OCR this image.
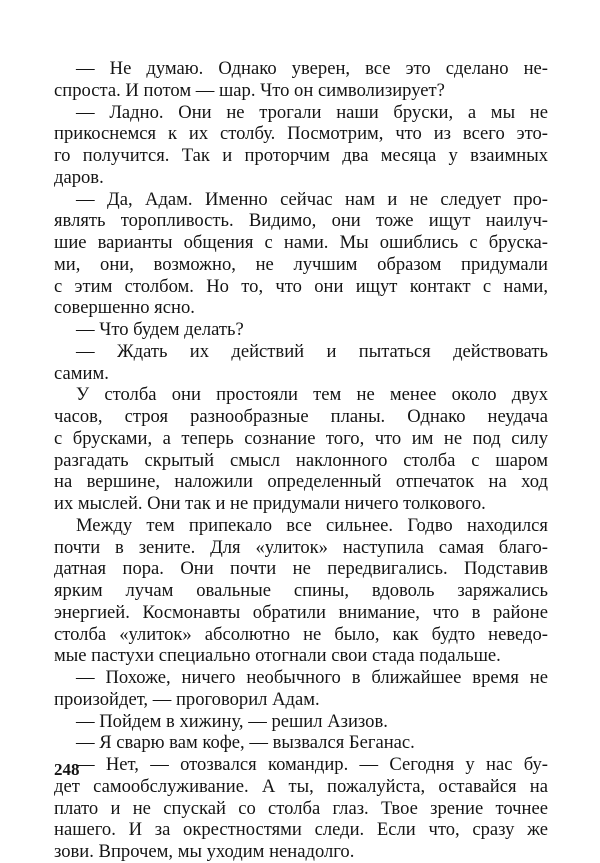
— Не думаю. Однако уверен, все это сделано не-
спроста. И потом — шар. Что он символизирует?
— Ладно. Они не трогали наши бруски, а мы не
прикоснемся к их столбу. Посмотрим, что из всего это-
го получится. Так и проторчим два месяца у взаимных
даров.
— Да, Адам. Именно сейчас нам и не следует про-
являть торопливость. Видимо, они тоже ищут наилуч-
шие варианты общения с нами. Мы ошиблись с бруска-
ми, они, возможно, не лучшим образом придумали
с этим столбом. Но то, что они ищут контакт с нами,
совершенно ясно.
— Что будем делать?
— Ждать их действий и пытаться действовать
самим.
У столба они простояли тем не менее около двух
часов, строя разнообразные планы. Однако неудача
с брусками, а теперь сознание того, что им не под силу
разгадать скрытый смысл наклонного столба с шаром
на вершине, наложили определенный отпечаток на ход
их мыслей. Они так и не придумали ничего толкового.
Между тем припекало все сильнее. Годво находился
почти в зените. Для «улиток» наступила самая благо-
датная пора. Они почти не передвигались. Подставив
ярким лучам овальные спины, вдоволь заряжались
энергией. Космонавты обратили внимание, что в районе
столба «улиток» абсолютно не было, как будто неведо-
мые пастухи специально отогнали свои стада подальше.
— Похоже, ничего необычного в ближайшее время не
произойдет, — проговорил Адам.
— Пойдем в хижину, — решил Азизов.
— Я сварю вам кофе, — вызвался Беганас.
— Нет, — отозвался командир. — Сегодня у нас бу-
дет самообслуживание. А ты, пожалуйста, оставайся на
плато и не спускай со столба глаз. Твое зрение точнее
нашего. И за окрестностями следи. Если что, сразу же
зови. Впрочем, мы уходим ненадолго.
248
